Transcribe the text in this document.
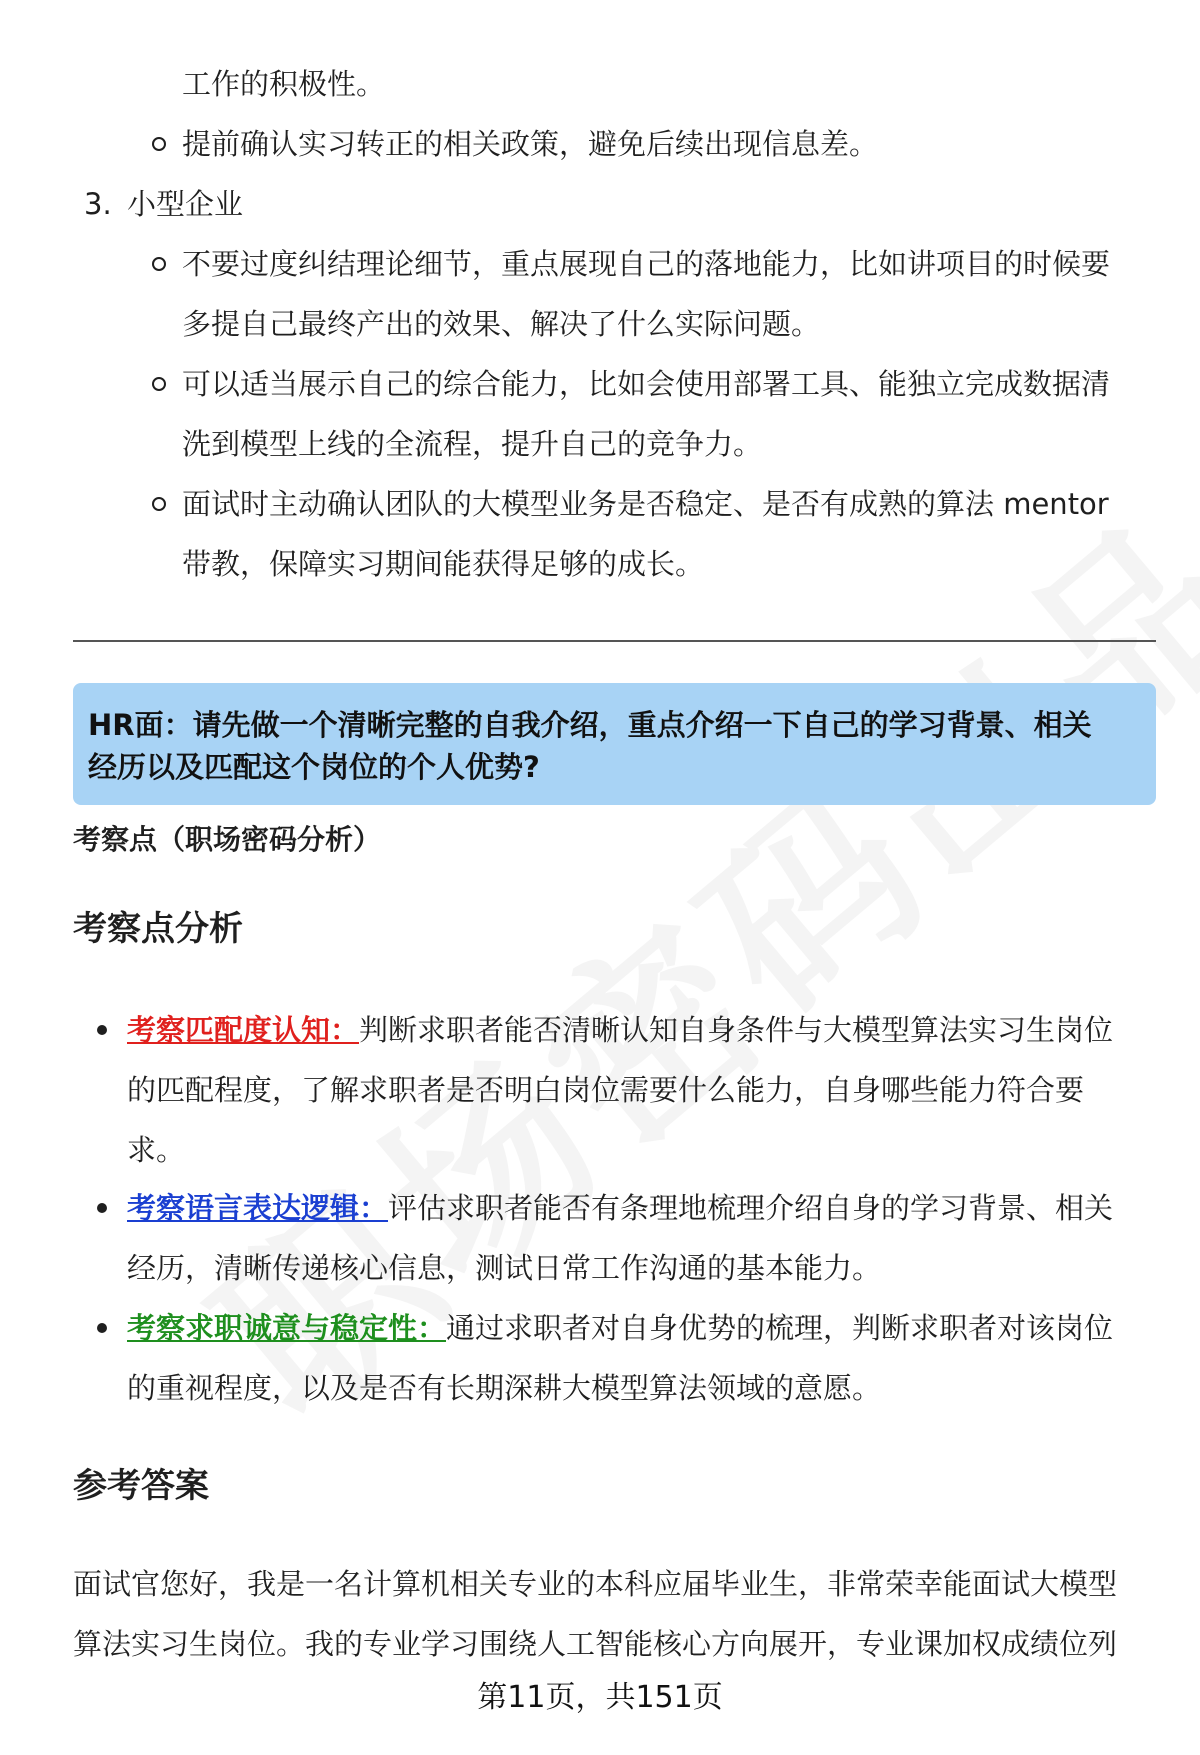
工作的积极性。
提前确认实习转正的相关政策，避免后续出现信息差。
3. 小型企业
不要过度纠结理论细节，重点展现自己的落地能力，比如讲项目的时候要
多提自己最终产出的效果、解决了什么实际问题。
可以适当展示自己的综合能力，比如会使用部署工具、能独立完成数据清
洗到模型上线的全流程，提升自己的竞争力。
面试时主动确认团队的大模型业务是否稳定、是否有成熟的算法 mentor
带教，保障实习期间能获得足够的成长。
HR面：请先做一个清晰完整的自我介绍，重点介绍一下自己的学习背景、相关
经历以及匹配这个岗位的个人优势?
考察点（职场密码分析）
考察点分析
考察匹配度认知：判断求职者能否清晰认知自身条件与大模型算法实习生岗位
的匹配程度，了解求职者是否明白岗位需要什么能力，自身哪些能力符合要
求。
考察语言表达逻辑：评估求职者能否有条理地梳理介绍自身的学习背景、相关
经历，清晰传递核心信息，测试日常工作沟通的基本能力。
考察求职诚意与稳定性：通过求职者对自身优势的梳理，判断求职者对该岗位
的重视程度，以及是否有长期深耕大模型算法领域的意愿。
参考答案
面试官您好，我是一名计算机相关专业的本科应届毕业生，非常荣幸能面试大模型
算法实习生岗位。我的专业学习围绕人工智能核心方向展开，专业课加权成绩位列
第11页，共151页
